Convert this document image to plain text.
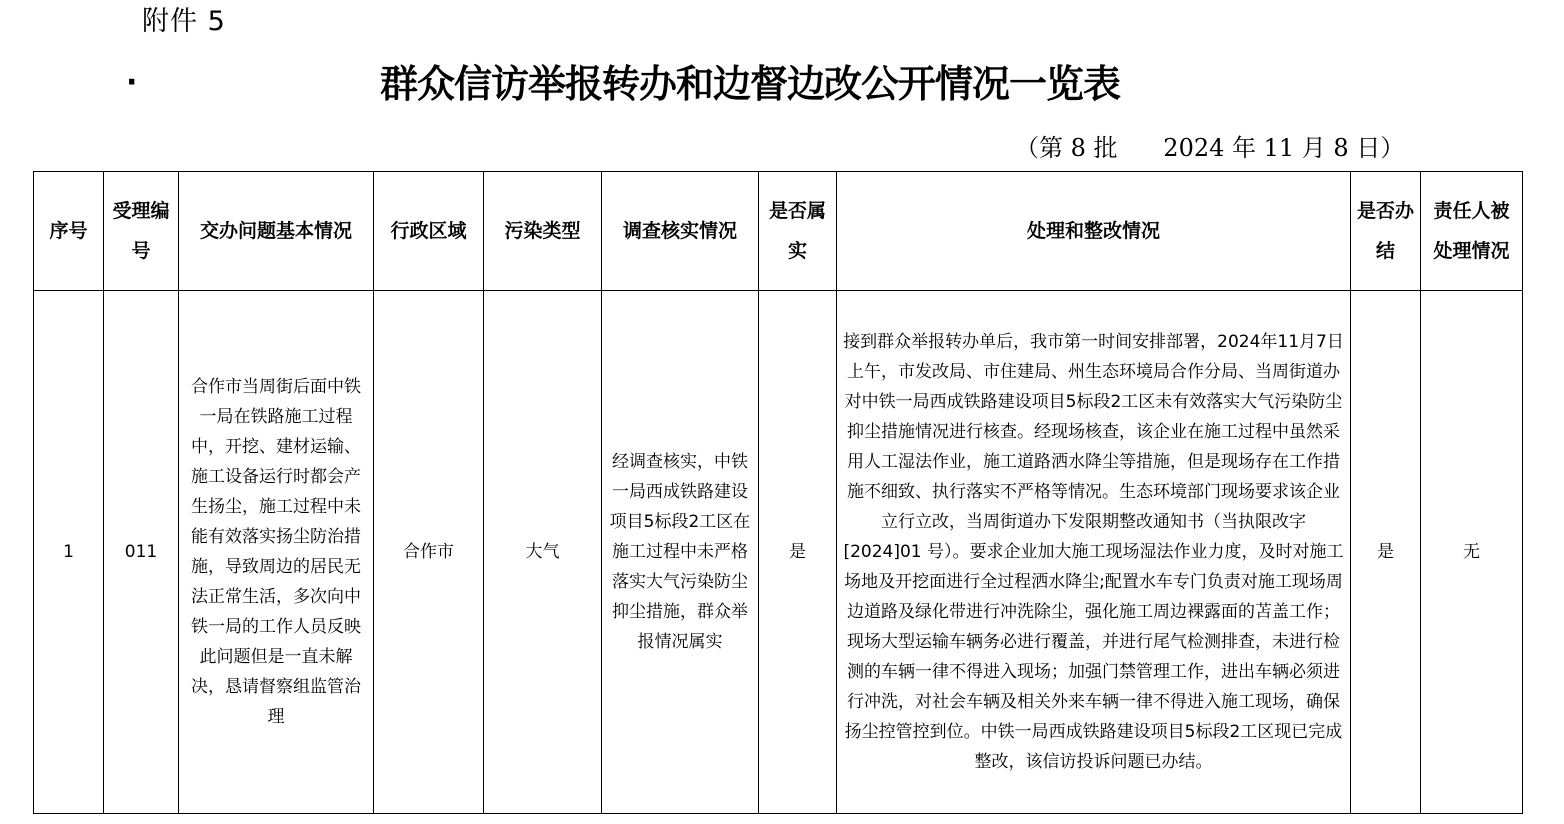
附件 5
·	群众信访举报转办和边督边改公开情况一览表
（第 8 批      2024 年 11 月 8 日）
序号	受理编号	交办问题基本情况	行政区域	污染类型	调查核实情况	是否属实	处理和整改情况	是否办结	责任人被处理情况
1	011	合作市当周街后面中铁一局在铁路施工过程中，开挖、建材运输、施工设备运行时都会产生扬尘，施工过程中未能有效落实扬尘防治措施，导致周边的居民无法正常生活，多次向中铁一局的工作人员反映此问题但是一直未解决，恳请督察组监管治理	合作市	大气	经调查核实，中铁一局西成铁路建设项目5标段2工区在施工过程中未严格落实大气污染防尘抑尘措施，群众举报情况属实	是	接到群众举报转办单后，我市第一时间安排部署，2024年11月7日上午，市发改局、市住建局、州生态环境局合作分局、当周街道办对中铁一局西成铁路建设项目5标段2工区未有效落实大气污染防尘抑尘措施情况进行核查。经现场核查，该企业在施工过程中虽然采用人工湿法作业，施工道路洒水降尘等措施，但是现场存在工作措施不细致、执行落实不严格等情况。生态环境部门现场要求该企业立行立改，当周街道办下发限期整改通知书（当执限改字[2024]01 号）。要求企业加大施工现场湿法作业力度，及时对施工场地及开挖面进行全过程洒水降尘;配置水车专门负责对施工现场周边道路及绿化带进行冲洗除尘，强化施工周边裸露面的苫盖工作；现场大型运输车辆务必进行覆盖，并进行尾气检测排查，未进行检测的车辆一律不得进入现场；加强门禁管理工作，进出车辆必须进行冲洗，对社会车辆及相关外来车辆一律不得进入施工现场，确保扬尘控管控到位。中铁一局西成铁路建设项目5标段2工区现已完成整改，该信访投诉问题已办结。	是	无
